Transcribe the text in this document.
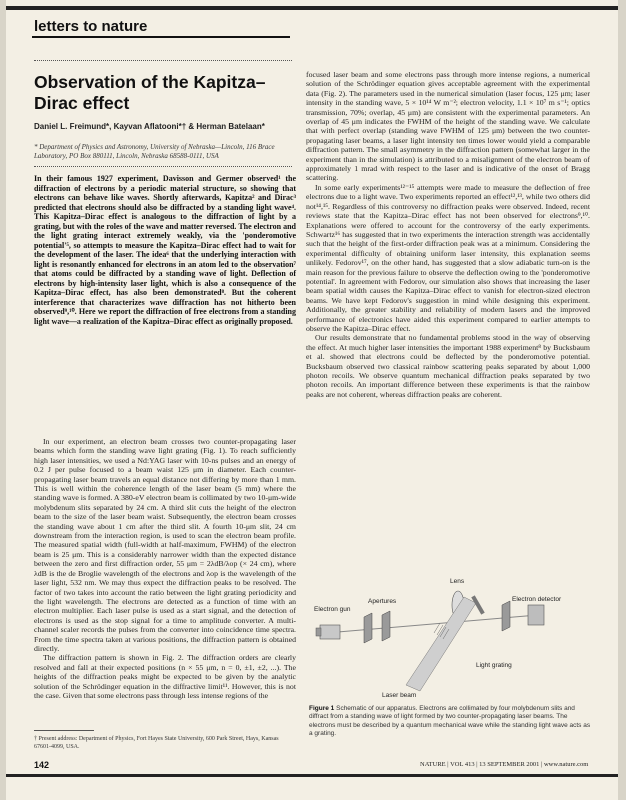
letters to nature
Observation of the Kapitza–Dirac effect
Daniel L. Freimund*, Kayvan Aflatooni*† & Herman Batelaan*
* Department of Physics and Astronomy, University of Nebraska—Lincoln, 116 Brace Laboratory, PO Box 880111, Lincoln, Nebraska 68588-0111, USA
In their famous 1927 experiment, Davisson and Germer observed¹ the diffraction of electrons by a periodic material structure, so showing that electrons can behave like waves. Shortly afterwards, Kapitza² and Dirac³ predicted that electrons should also be diffracted by a standing light wave⁴. This Kapitza–Dirac effect is analogous to the diffraction of light by a grating, but with the roles of the wave and matter reversed. The electron and the light grating interact extremely weakly, via the 'ponderomotive potential'⁵, so attempts to measure the Kapitza–Dirac effect had to wait for the development of the laser. The idea⁶ that the underlying interaction with light is resonantly enhanced for electrons in an atom led to the observation⁷ that atoms could be diffracted by a standing wave of light. Deflection of electrons by high-intensity laser light, which is also a consequence of the Kapitza–Dirac effect, has also been demonstrated⁸. But the coherent interference that characterizes wave diffraction has not hitherto been observed⁹,¹⁰. Here we report the diffraction of free electrons from a standing light wave—a realization of the Kapitza–Dirac effect as originally proposed.

In our experiment, an electron beam crosses two counter-propagating laser beams which form the standing wave light grating (Fig. 1). To reach sufficiently high laser intensities, we used a Nd:YAG laser with 10-ns pulses and an energy of 0.2 J per pulse focused to a beam waist 125 μm in diameter. Each counter-propagating laser beam travels an equal distance not differing by more than 1 mm. This is well within the coherence length of the laser beam (5 mm) where the standing wave is formed. A 380-eV electron beam is collimated by two 10-μm-wide molybdenum slits separated by 24 cm. A third slit cuts the height of the electron beam to the size of the laser beam waist. Subsequently, the electron beam crosses the standing wave about 1 cm after the third slit. A fourth 10-μm slit, 24 cm downstream from the interaction region, is used to scan the electron beam profile. The measured spatial width (full-width at half-maximum, FWHM) of the electron beam is 25 μm. This is a considerably narrower width than the expected distance between the zero and first diffraction order, 55 μm = 2λdB/λop (× 24 cm), where λdB is the de Broglie wavelength of the electrons and λop is the wavelength of the laser light, 532 nm. We may thus expect the diffraction peaks to be resolved. The factor of two takes into account the ratio between the light grating periodicity and the light wavelength. The electrons are detected as a function of time with an electron multiplier. Each laser pulse is used as a start signal, and the detection of electrons is used as the stop signal for a time to amplitude converter. A multi-channel scaler records the pulses from the converter into coincidence time spectra. From the time spectra taken at various positions, the diffraction pattern is obtained directly.

The diffraction pattern is shown in Fig. 2. The diffraction orders are clearly resolved and fall at their expected positions (n × 55 μm, n = 0, ±1, ±2, ...). The heights of the diffraction peaks might be expected to be given by the analytic solution of the Schrödinger equation in the diffractive limit¹¹. However, this is not the case. Given that some electrons pass through less intense regions of the

† Present address: Department of Physics, Fort Hayes State University, 600 Park Street, Hays, Kansas 67601-4099, USA.

focused laser beam and some electrons pass through more intense regions, a numerical solution of the Schrödinger equation gives acceptable agreement with the experimental data (Fig. 2). The parameters used in the numerical simulation (laser focus, 125 μm; laser intensity in the standing wave, 5 × 10¹⁴ W m⁻²; electron velocity, 1.1 × 10⁷ m s⁻¹; optics transmission, 70%; overlap, 45 μm) are consistent with the experimental parameters. An overlap of 45 μm indicates the FWHM of the height of the standing wave. We calculate that with perfect overlap (standing wave FWHM of 125 μm) between the two counter-propagating laser beams, a laser light intensity ten times lower would yield a comparable diffraction pattern. The small asymmetry in the diffraction pattern (somewhat larger in the experiment than in the simulation) is attributed to a misalignment of the electron beam of approximately 1 mrad with respect to the laser and is indicative of the onset of Bragg scattering.

In some early experiments¹²⁻¹⁵ attempts were made to measure the deflection of free electrons due to a light wave. Two experiments reported an effect¹²,¹³, while two others did not¹⁴,¹⁵. Regardless of this controversy no diffraction peaks were observed. Indeed, recent reviews state that the Kapitza–Dirac effect has not been observed for electrons⁹,¹⁰. Explanations were offered to account for the controversy of the early experiments. Schwartz¹⁶ has suggested that in two experiments the interaction strength was accidentally such that the height of the first-order diffraction peak was at a minimum. Considering the experimental difficulty of obtaining uniform laser intensity, this explanation seems unlikely. Fedorov¹⁷, on the other hand, has suggested that a slow adiabatic turn-on is the main reason for the previous failure to observe the deflection owing to the 'ponderomotive potential'. In agreement with Fedorov, our simulation also shows that increasing the laser beam spatial width causes the Kapitza–Dirac effect to vanish for electron-sized electron beams. We have kept Fedorov's suggestion in mind while designing this experiment. Additionally, the greater stability and reliability of modern lasers and the improved performance of electronics have aided this experiment compared to earlier attempts to observe the Kapitza–Dirac effect.

Our results demonstrate that no fundamental problems stood in the way of observing the effect. At much higher laser intensities the important 1988 experiment⁸ by Bucksbaum et al. showed that electrons could be deflected by the ponderomotive potential. Bucksbaum observed two classical rainbow scattering peaks separated by about 1,000 photon recoils. We observe quantum mechanical diffraction peaks separated by two photon recoils. An important difference between these experiments is that the rainbow peaks are not coherent, whereas diffraction peaks are coherent.

Lens
Apertures
Electron gun
Electron detector
Light grating
Laser beam
Figure 1 Schematic of our apparatus. Electrons are collimated by four molybdenum slits and diffract from a standing wave of light formed by two counter-propagating laser beams. The electrons must be described by a quantum mechanical wave while the standing light wave acts as a grating.
142	NATURE | VOL 413 | 13 SEPTEMBER 2001 | www.nature.com
